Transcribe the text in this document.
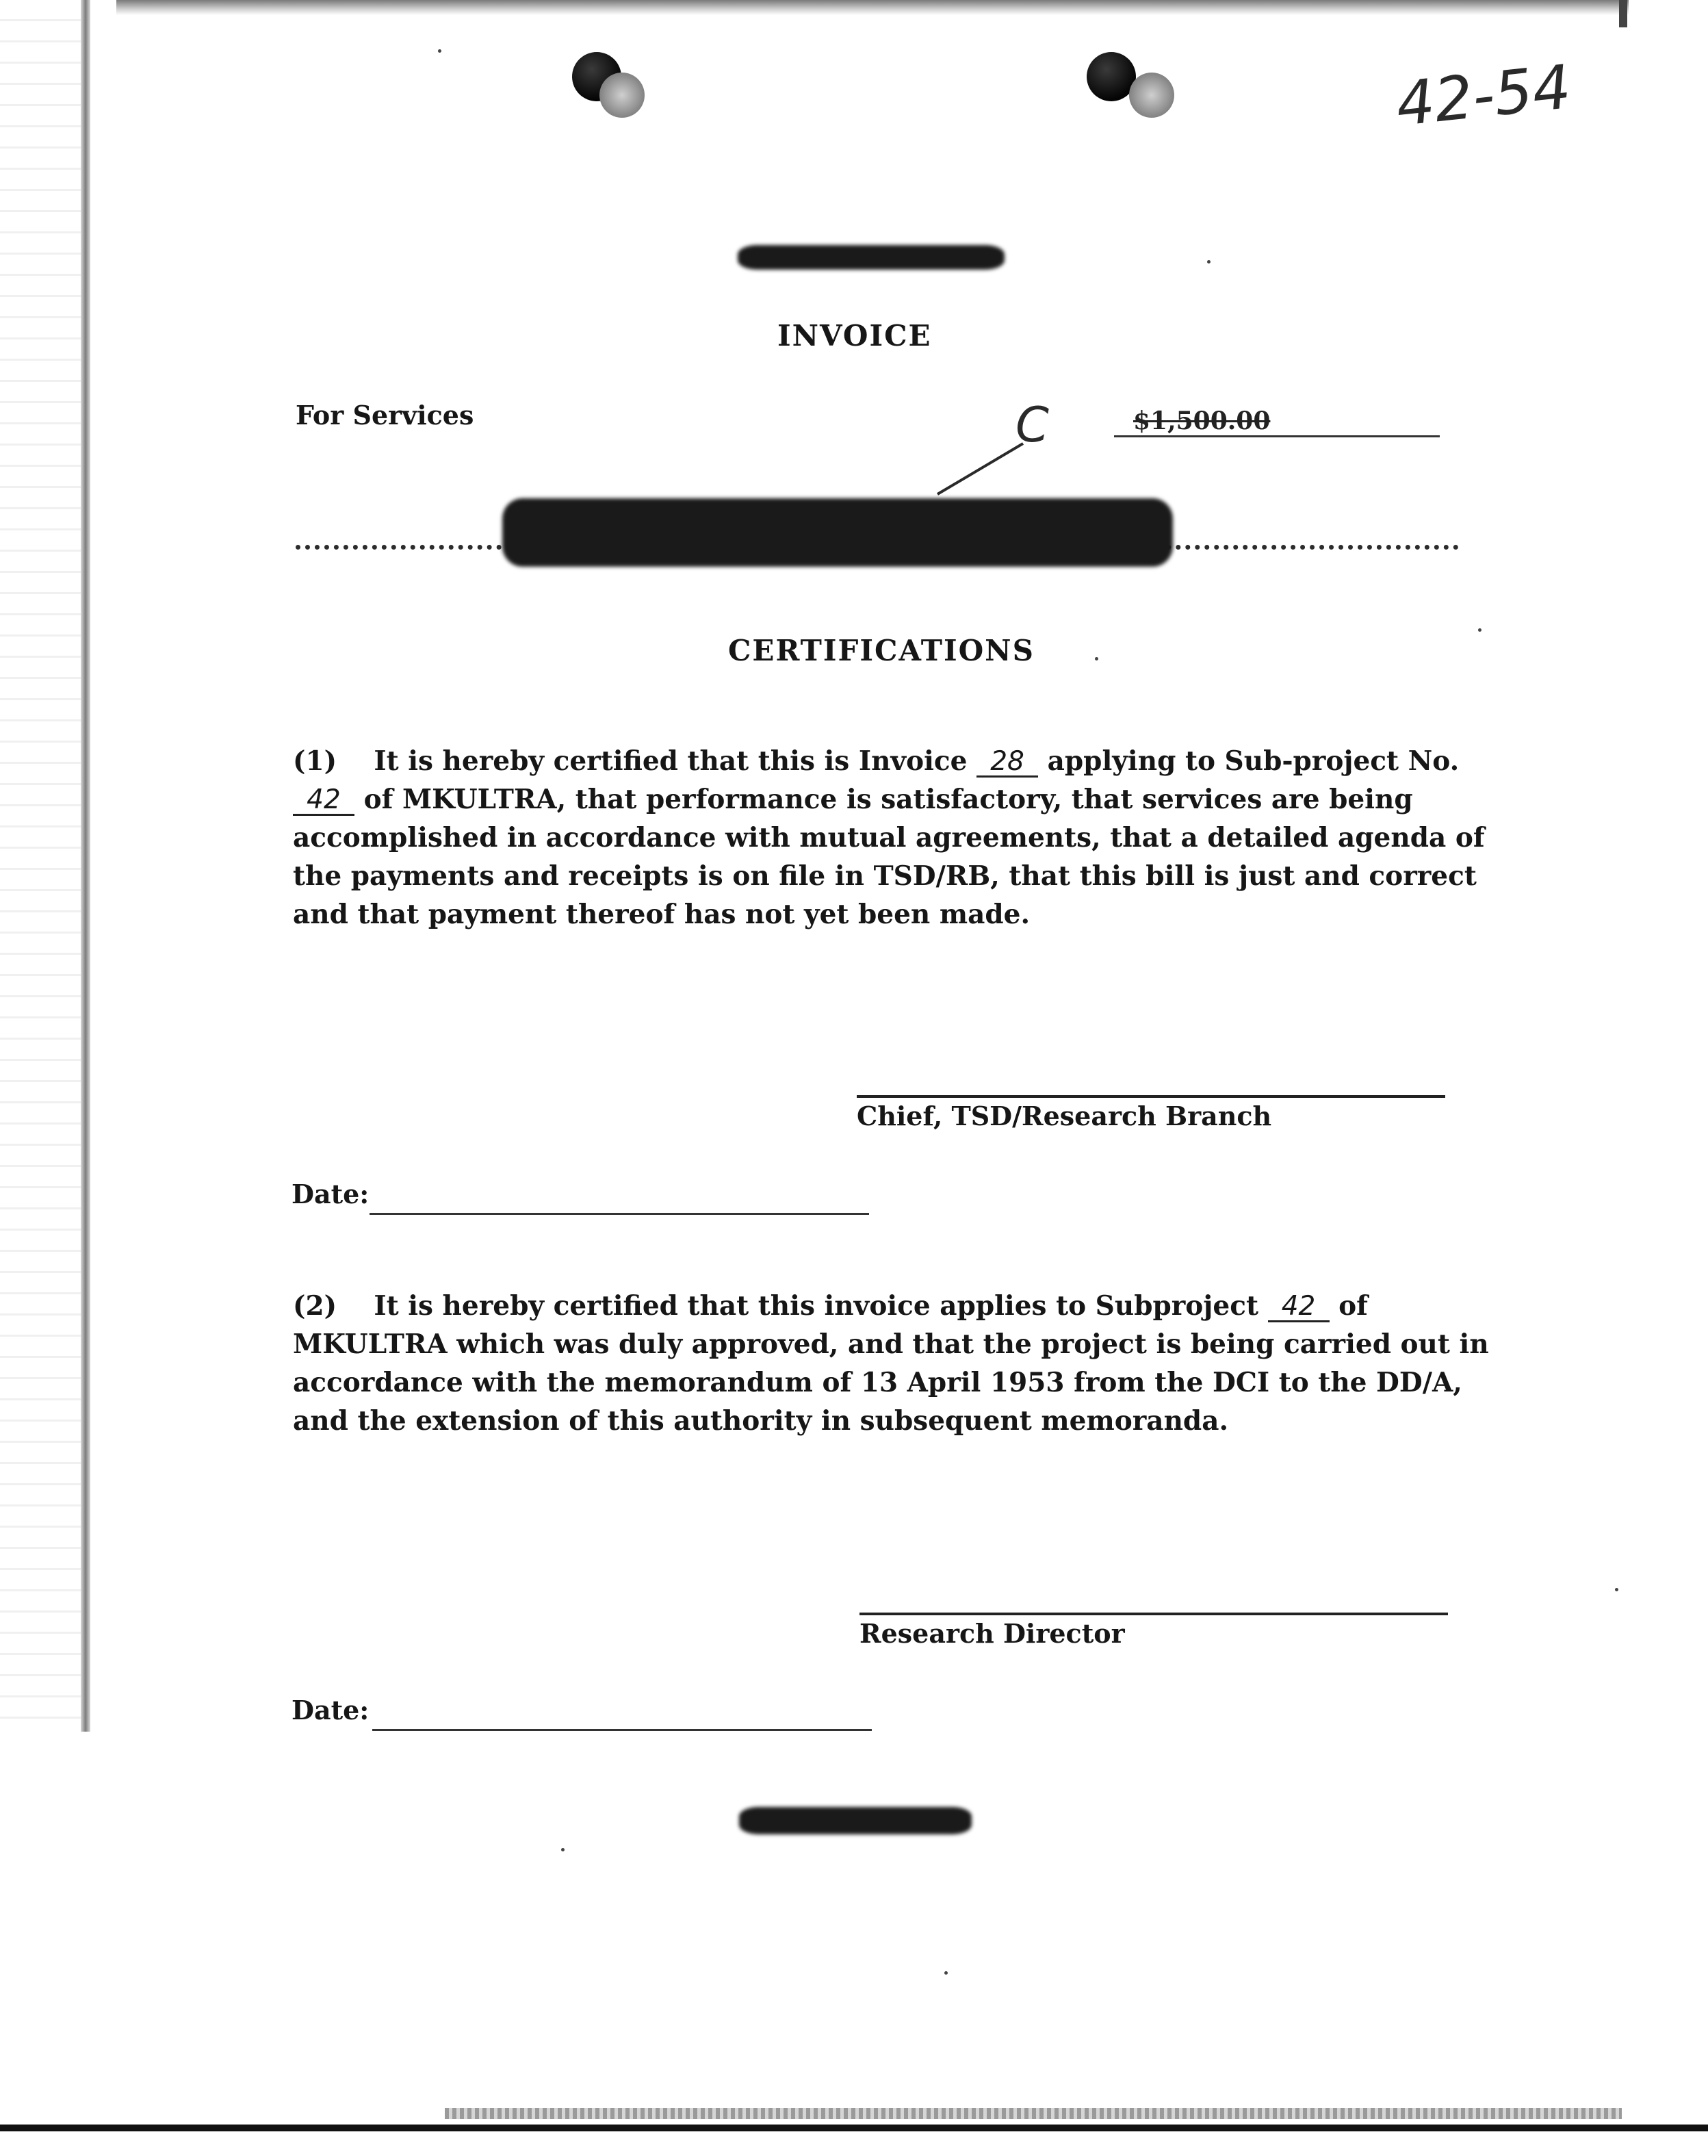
42-54
INVOICE
For Services	C	$1,500.00
CERTIFICATIONS

(1) It is hereby certified that this is Invoice 28 applying to Sub-project No. 42 of MKULTRA, that performance is satisfactory, that services are being accomplished in accordance with mutual agreements, that a detailed agenda of the payments and receipts is on file in TSD/RB, that this bill is just and correct and that payment thereof has not yet been made.

Chief, TSD/Research Branch
Date:

(2) It is hereby certified that this invoice applies to Subproject 42 of MKULTRA which was duly approved, and that the project is being carried out in accordance with the memorandum of 13 April 1953 from the DCI to the DD/A, and the extension of this authority in subsequent memoranda.

Research Director
Date:
